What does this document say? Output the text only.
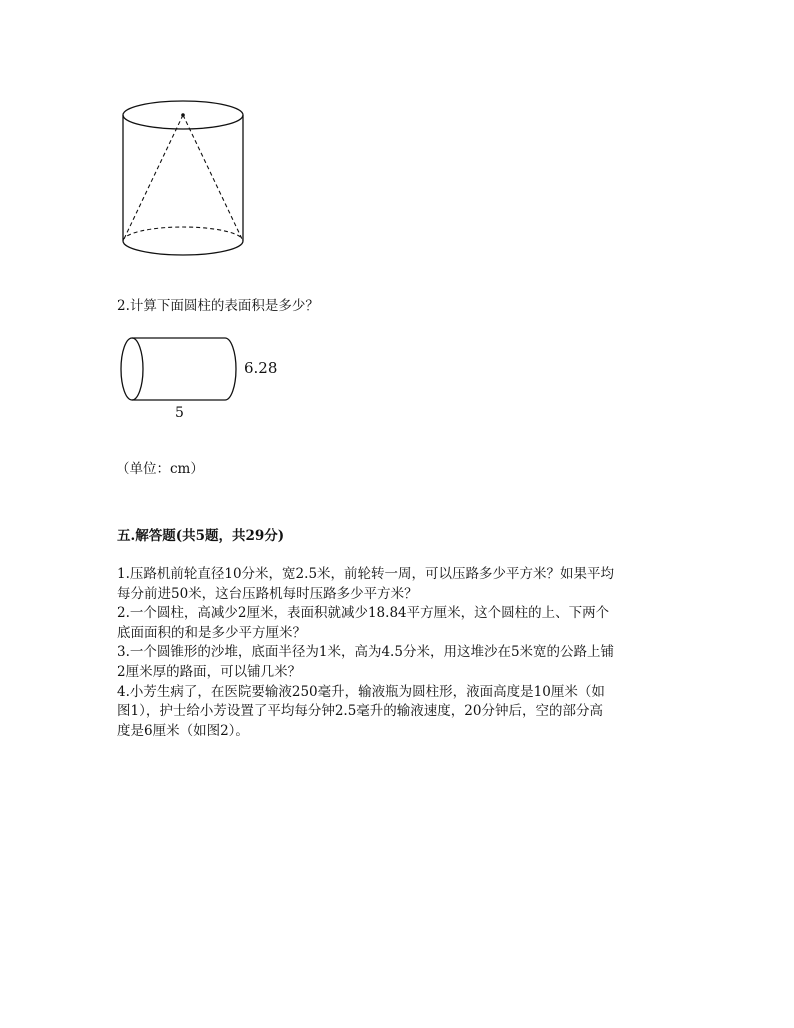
2.计算下面圆柱的表面积是多少？
6.28
5
（单位：cm）
五.解答题(共5题，共29分)
1.压路机前轮直径10分米，宽2.5米，前轮转一周，可以压路多少平方米？如果平均
每分前进50米，这台压路机每时压路多少平方米？
2.一个圆柱，高减少2厘米，表面积就减少18.84平方厘米，这个圆柱的上、下两个
底面面积的和是多少平方厘米？
3.一个圆锥形的沙堆，底面半径为1米，高为4.5分米，用这堆沙在5米宽的公路上铺
2厘米厚的路面，可以铺几米？
4.小芳生病了，在医院要输液250毫升，输液瓶为圆柱形，液面高度是10厘米（如
图1），护士给小芳设置了平均每分钟2.5毫升的输液速度，20分钟后，空的部分高
度是6厘米（如图2）。
